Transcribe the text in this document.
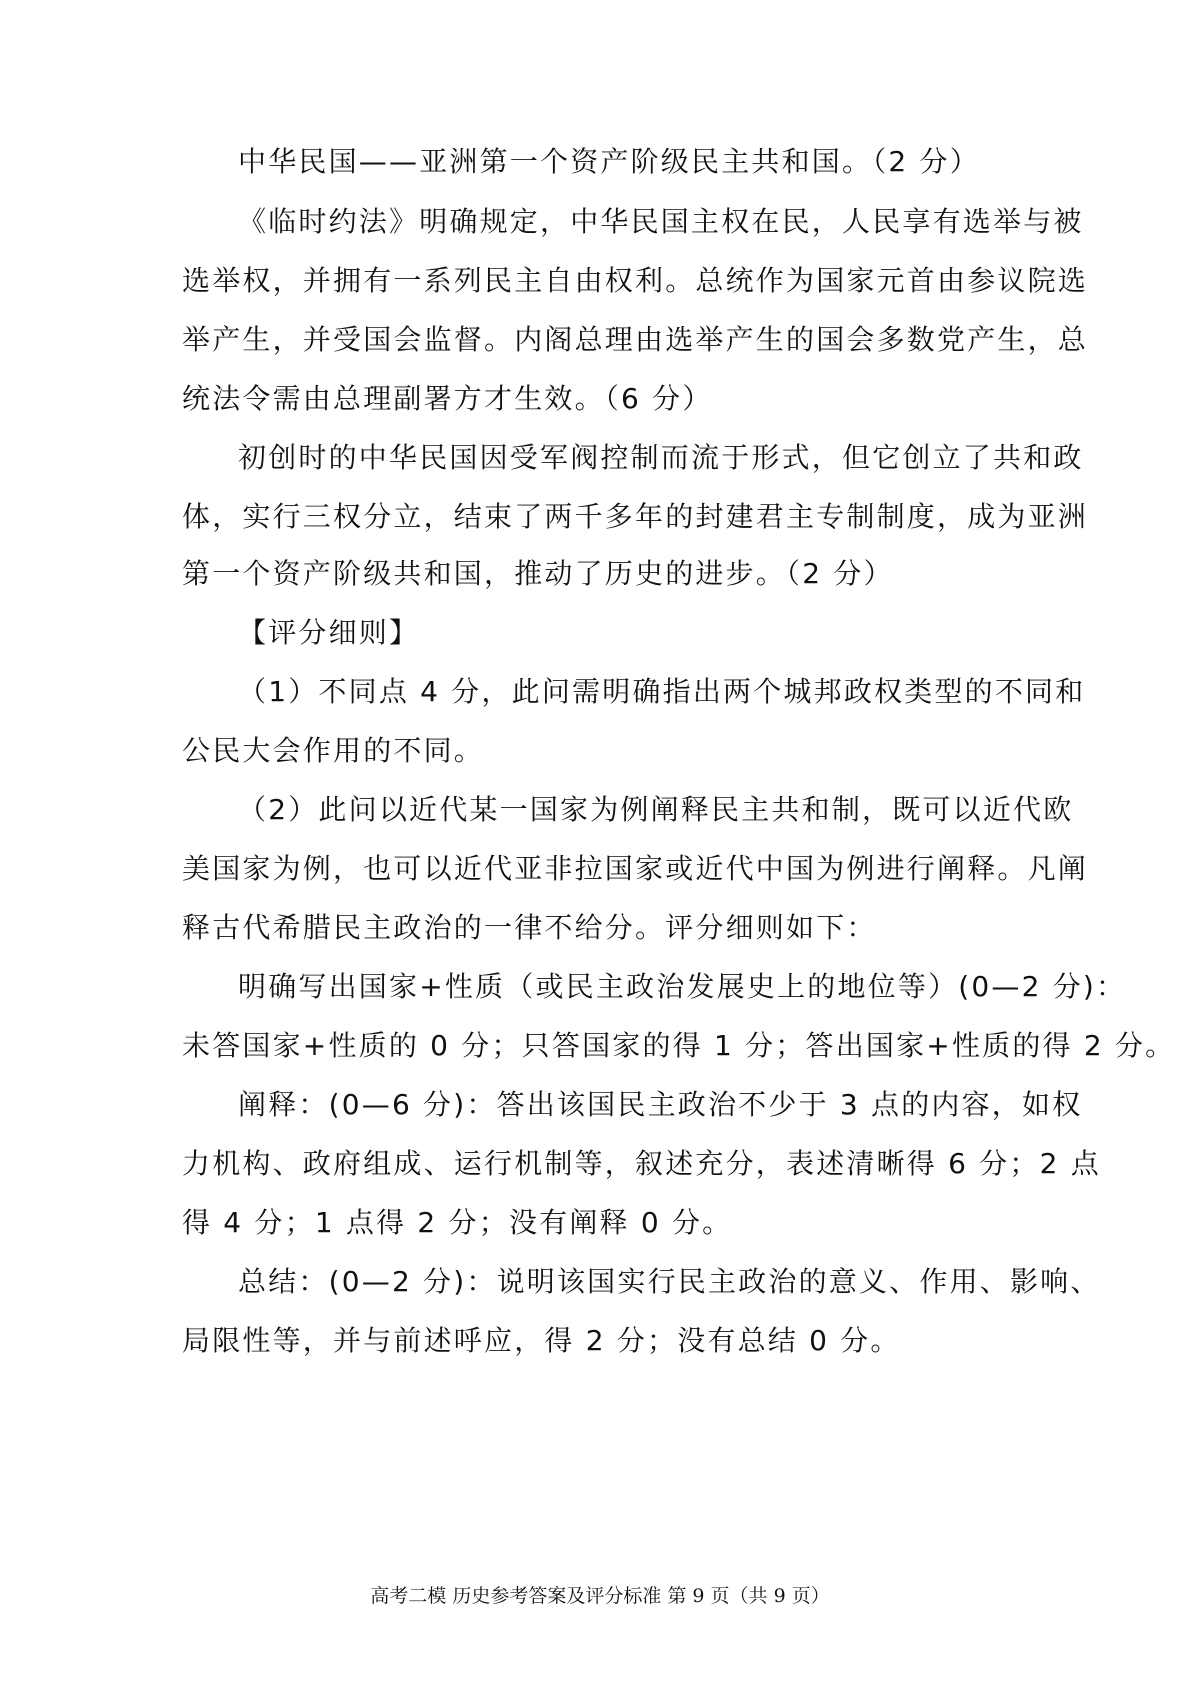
中华民国——亚洲第一个资产阶级民主共和国。（2 分）
《临时约法》明确规定，中华民国主权在民，人民享有选举与被
选举权，并拥有一系列民主自由权利。总统作为国家元首由参议院选
举产生，并受国会监督。内阁总理由选举产生的国会多数党产生，总
统法令需由总理副署方才生效。（6 分）
初创时的中华民国因受军阀控制而流于形式，但它创立了共和政
体，实行三权分立，结束了两千多年的封建君主专制制度，成为亚洲
第一个资产阶级共和国，推动了历史的进步。（2 分）
【评分细则】
（1）不同点 4 分，此问需明确指出两个城邦政权类型的不同和
公民大会作用的不同。
（2）此问以近代某一国家为例阐释民主共和制，既可以近代欧
美国家为例，也可以近代亚非拉国家或近代中国为例进行阐释。凡阐
释古代希腊民主政治的一律不给分。评分细则如下：
明确写出国家+性质（或民主政治发展史上的地位等）(0—2 分)：
未答国家+性质的 0 分；只答国家的得 1 分；答出国家+性质的得 2 分。
阐释：(0—6 分)：答出该国民主政治不少于 3 点的内容，如权
力机构、政府组成、运行机制等，叙述充分，表述清晰得 6 分；2 点
得 4 分；1 点得 2 分；没有阐释 0 分。
总结：(0—2 分)：说明该国实行民主政治的意义、作用、影响、
局限性等，并与前述呼应，得 2 分；没有总结 0 分。
高考二模 历史参考答案及评分标准 第 9 页（共 9 页）
